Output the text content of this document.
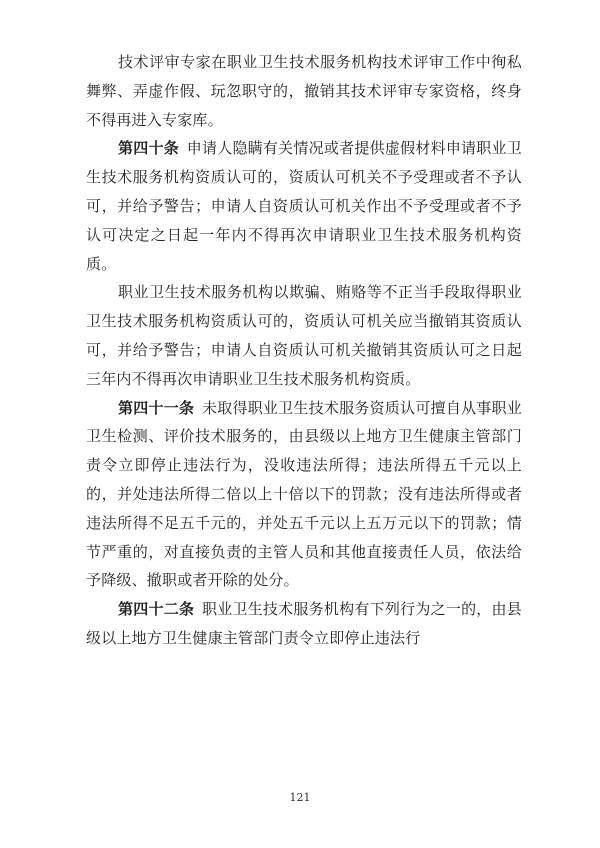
技术评审专家在职业卫生技术服务机构技术评审工作中徇私舞弊、弄虚作假、玩忽职守的，撤销其技术评审专家资格，终身不得再进入专家库。

第四十条  申请人隐瞒有关情况或者提供虚假材料申请职业卫生技术服务机构资质认可的，资质认可机关不予受理或者不予认可，并给予警告；申请人自资质认可机关作出不予受理或者不予认可决定之日起一年内不得再次申请职业卫生技术服务机构资质。

职业卫生技术服务机构以欺骗、贿赂等不正当手段取得职业卫生技术服务机构资质认可的，资质认可机关应当撤销其资质认可，并给予警告；申请人自资质认可机关撤销其资质认可之日起三年内不得再次申请职业卫生技术服务机构资质。

第四十一条  未取得职业卫生技术服务资质认可擅自从事职业卫生检测、评价技术服务的，由县级以上地方卫生健康主管部门责令立即停止违法行为，没收违法所得；违法所得五千元以上的，并处违法所得二倍以上十倍以下的罚款；没有违法所得或者违法所得不足五千元的，并处五千元以上五万元以下的罚款；情节严重的，对直接负责的主管人员和其他直接责任人员，依法给予降级、撤职或者开除的处分。

第四十二条  职业卫生技术服务机构有下列行为之一的，由县级以上地方卫生健康主管部门责令立即停止违法行

121
